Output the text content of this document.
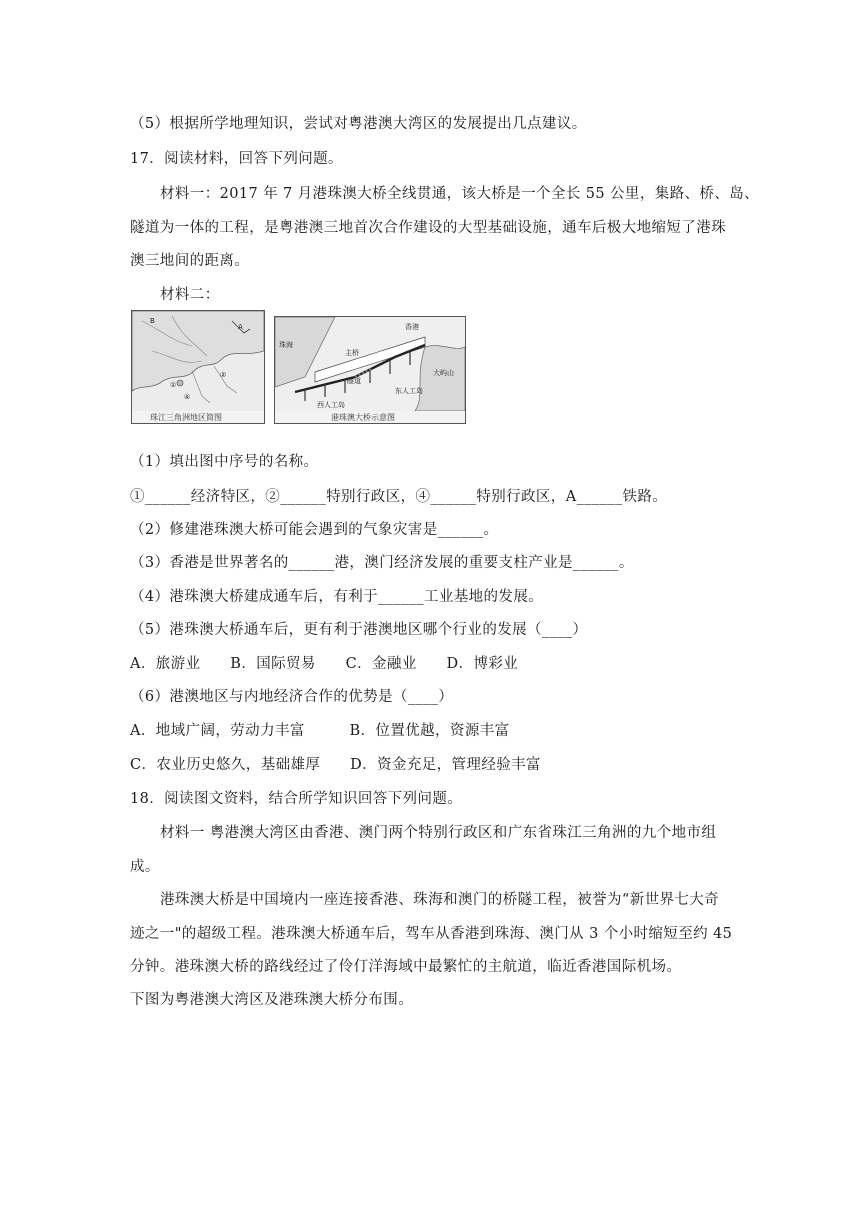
（5）根据所学地理知识，尝试对粤港澳大湾区的发展提出几点建议。
17．阅读材料，回答下列问题。
材料一：2017 年 7 月港珠澳大桥全线贯通，该大桥是一个全长 55 公里，集路、桥、岛、
隧道为一体的工程，是粤港澳三地首次合作建设的大型基础设施，通车后极大地缩短了港珠
澳三地间的距离。
材料二：
B
A
①
②
④
珠江三角洲地区简图
主桥
香港
珠海
隧道
东人工岛
西人工岛
大屿山
港珠澳大桥示意图
（1）填出图中序号的名称。
①______经济特区，②______特别行政区，④______特别行政区，A______铁路。
（2）修建港珠澳大桥可能会遇到的气象灾害是______。
（3）香港是世界著名的______港，澳门经济发展的重要支柱产业是______。
（4）港珠澳大桥建成通车后，有利于______工业基地的发展。
（5）港珠澳大桥通车后，更有利于港澳地区哪个行业的发展（____）
A．旅游业　　B．国际贸易　　C．金融业　　D．博彩业
（6）港澳地区与内地经济合作的优势是（____）
A．地域广阔，劳动力丰富　　　B．位置优越，资源丰富
C．农业历史悠久，基础雄厚　　D．资金充足，管理经验丰富
18．阅读图文资料，结合所学知识回答下列问题。
材料一 粤港澳大湾区由香港、澳门两个特别行政区和广东省珠江三角洲的九个地市组
成。
港珠澳大桥是中国境内一座连接香港、珠海和澳门的桥隧工程，被誉为“新世界七大奇
迹之一"的超级工程。港珠澳大桥通车后，驾车从香港到珠海、澳门从 3 个小时缩短至约 45
分钟。港珠澳大桥的路线经过了伶仃洋海域中最繁忙的主航道，临近香港国际机场。
下图为粤港澳大湾区及港珠澳大桥分布围。
